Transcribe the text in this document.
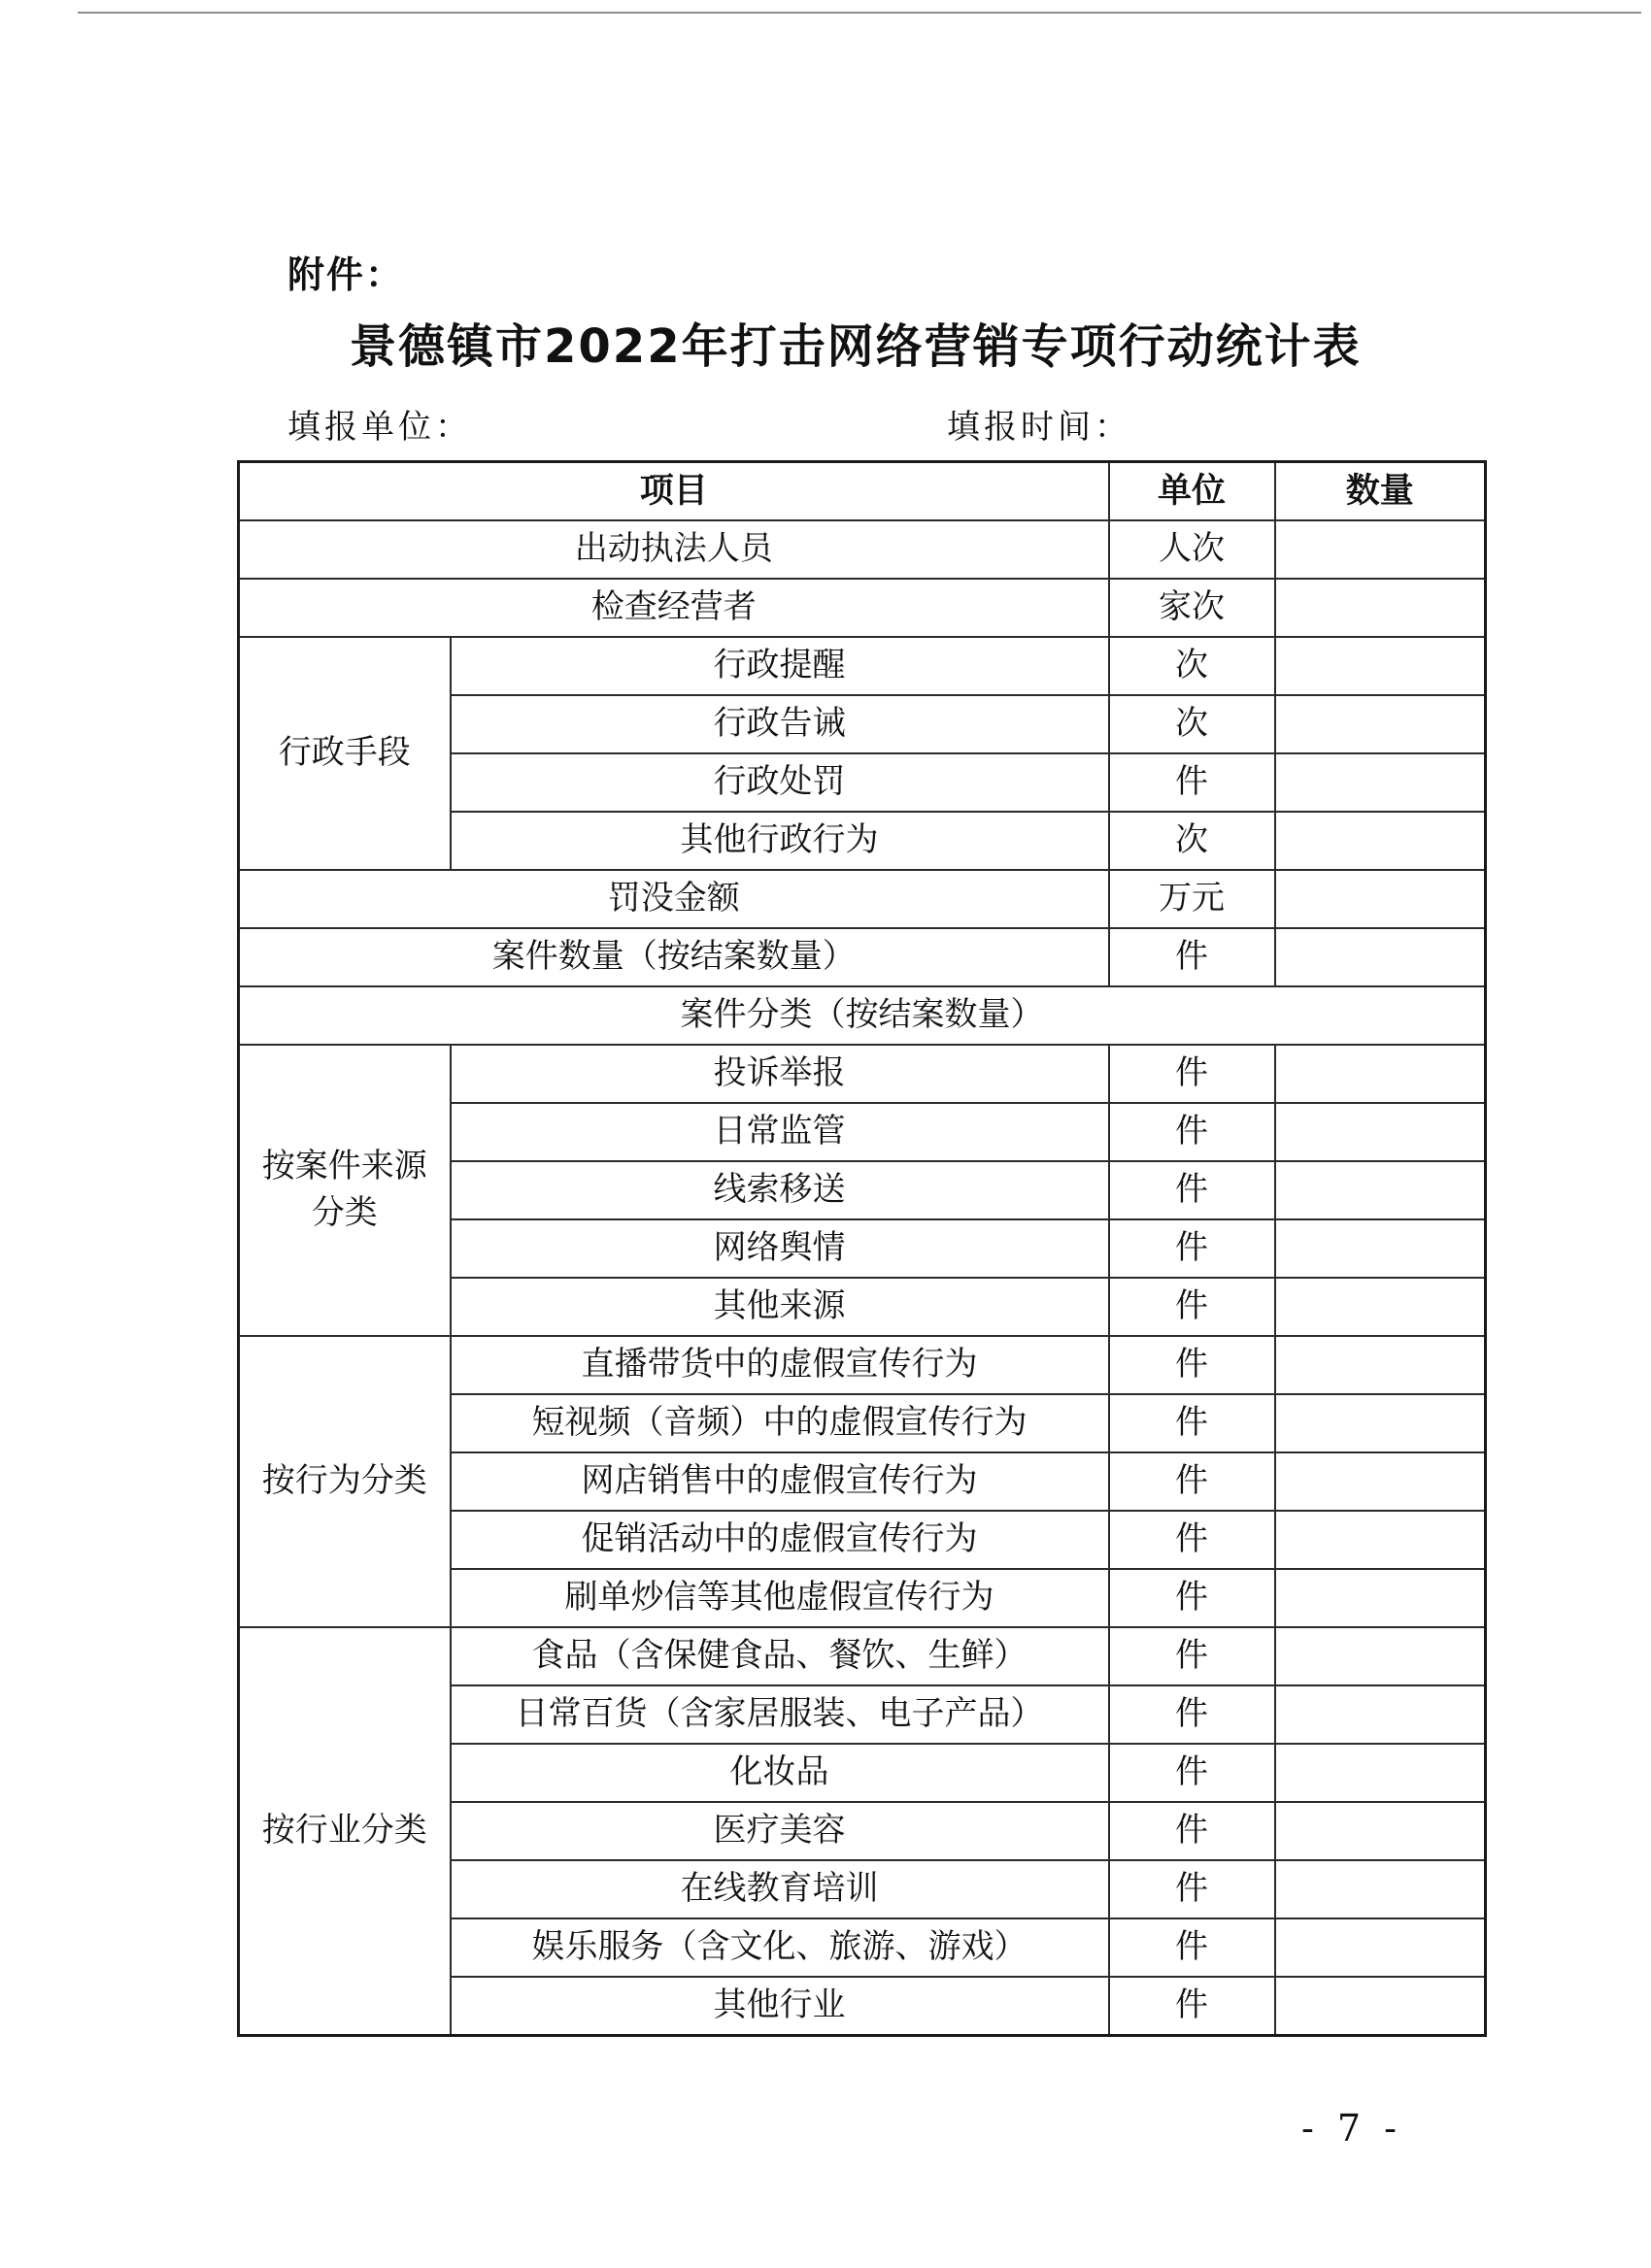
附件：
景德镇市2022年打击网络营销专项行动统计表
填报单位：	填报时间：
项目		单位	数量
出动执法人员		人次	
检查经营者		家次	
行政手段	行政提醒	次	
	行政告诫	次	
	行政处罚	件	
	其他行政行为	次	
罚没金额		万元	
案件数量（按结案数量）		件	
案件分类（按结案数量）			

按案件来源
分类	投诉举报	件	
	日常监管	件	
	线索移送	件	
	网络舆情	件	
	其他来源	件	
按行为分类	直播带货中的虚假宣传行为	件	
	短视频（音频）中的虚假宣传行为	件	
	网店销售中的虚假宣传行为	件	
	促销活动中的虚假宣传行为	件	
	刷单炒信等其他虚假宣传行为	件	
按行业分类	食品（含保健食品、餐饮、生鲜）	件	
	日常百货（含家居服装、电子产品）	件	
	化妆品	件	
	医疗美容	件	
	在线教育培训	件	
	娱乐服务（含文化、旅游、游戏）	件	
	其他行业	件	
- 7 -
